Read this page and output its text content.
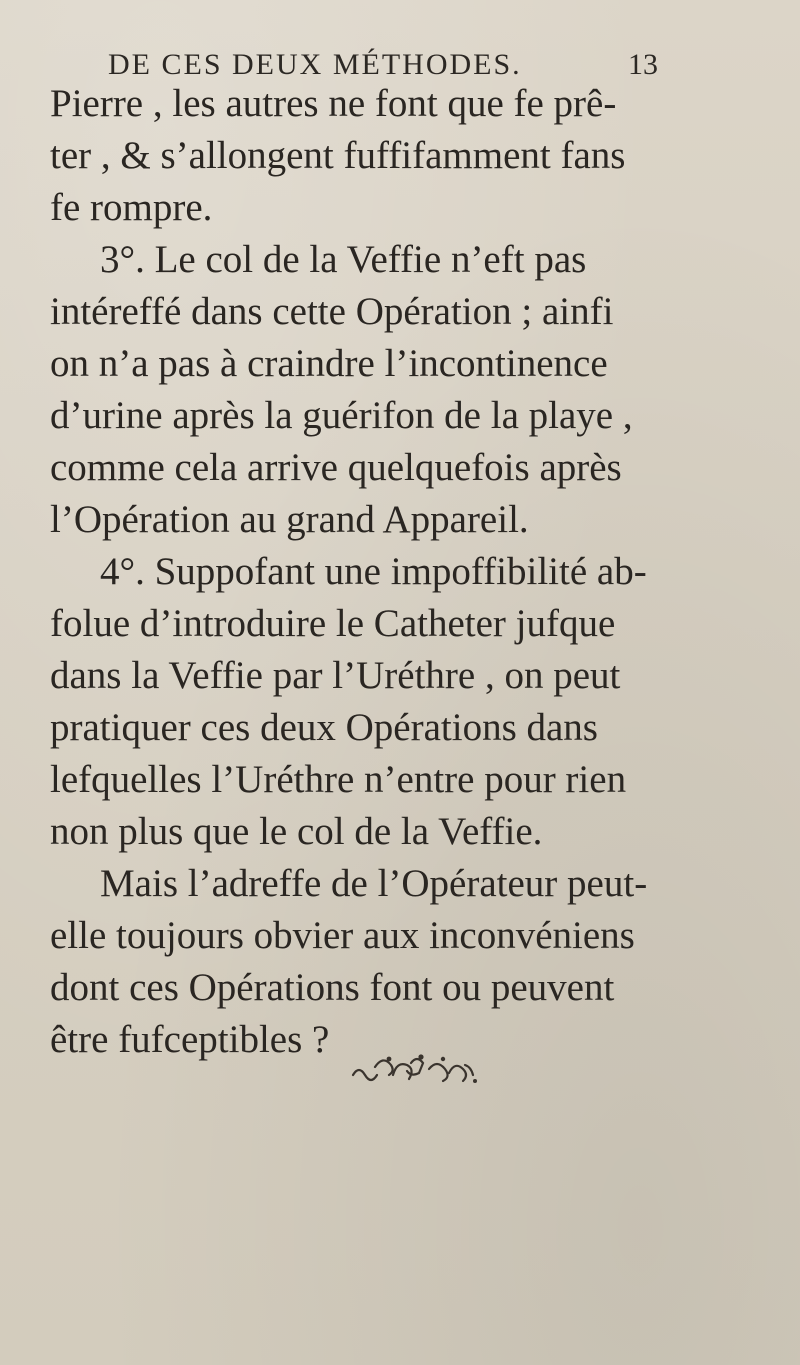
DE CES DEUX MÉTHODES.	13
Pierre , les autres ne font que fe prê-
ter , & s’allongent fuffifamment fans
fe rompre.
3°. Le col de la Veffie n’eft pas
intéreffé dans cette Opération ; ainfi
on n’a pas à craindre l’incontinence
d’urine après la guérifon de la playe ,
comme cela arrive quelquefois après
l’Opération au grand Appareil.
4°. Suppofant une impoffibilité ab-
folue d’introduire le Catheter jufque
dans la Veffie par l’Uréthre , on peut
pratiquer ces deux Opérations dans
lefquelles l’Uréthre n’entre pour rien
non plus que le col de la Veffie.
Mais l’adreffe de l’Opérateur peut-
elle toujours obvier aux inconvéniens
dont ces Opérations font ou peuvent
être fufceptibles ?
